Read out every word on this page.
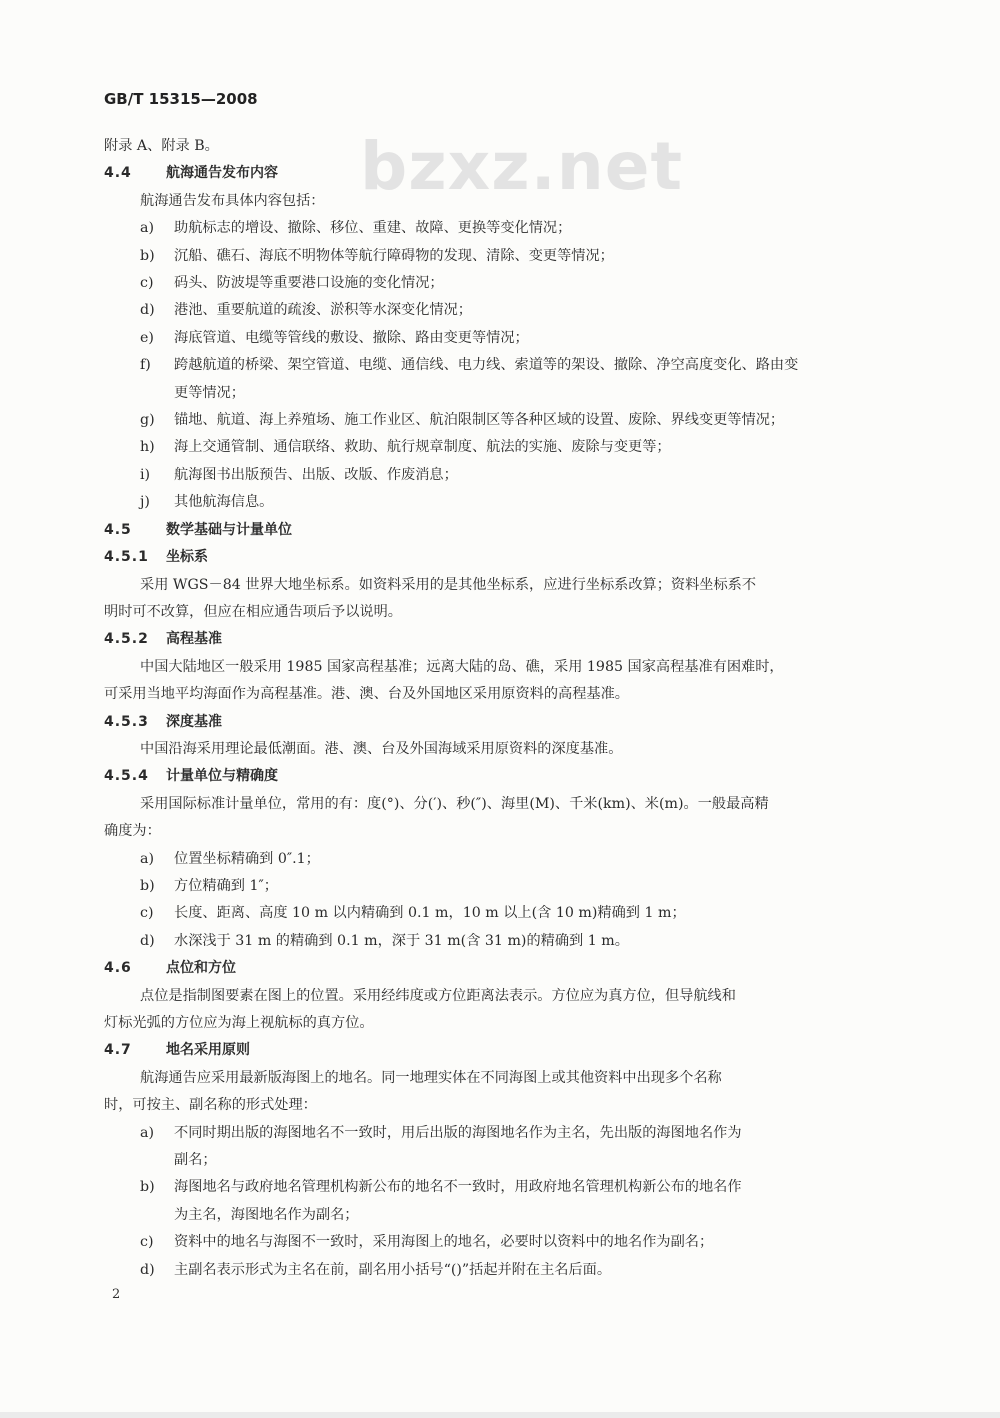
GB/T 15315—2008
bzxz.net
附录 A、附录 B。
4.4 航海通告发布内容
航海通告发布具体内容包括：
a)	助航标志的增设、撤除、移位、重建、故障、更换等变化情况；
b)	沉船、礁石、海底不明物体等航行障碍物的发现、清除、变更等情况；
c)	码头、防波堤等重要港口设施的变化情况；
d)	港池、重要航道的疏浚、淤积等水深变化情况；
e)	海底管道、电缆等管线的敷设、撤除、路由变更等情况；
f)	跨越航道的桥梁、架空管道、电缆、通信线、电力线、索道等的架设、撤除、净空高度变化、路由变
更等情况；
g)	锚地、航道、海上养殖场、施工作业区、航泊限制区等各种区域的设置、废除、界线变更等情况；
h)	海上交通管制、通信联络、救助、航行规章制度、航法的实施、废除与变更等；
i)	航海图书出版预告、出版、改版、作废消息；
j)	其他航海信息。
4.5 数学基础与计量单位
4.5.1 坐标系
采用 WGS－84 世界大地坐标系。如资料采用的是其他坐标系，应进行坐标系改算；资料坐标系不
明时可不改算，但应在相应通告项后予以说明。
4.5.2 高程基准
中国大陆地区一般采用 1985 国家高程基准；远离大陆的岛、礁，采用 1985 国家高程基准有困难时，
可采用当地平均海面作为高程基准。港、澳、台及外国地区采用原资料的高程基准。
4.5.3 深度基准
中国沿海采用理论最低潮面。港、澳、台及外国海域采用原资料的深度基准。
4.5.4 计量单位与精确度
采用国际标准计量单位，常用的有：度(°)、分(′)、秒(″)、海里(M)、千米(km)、米(m)。一般最高精
确度为：
a)	位置坐标精确到 0″.1；
b)	方位精确到 1″；
c)	长度、距离、高度 10 m 以内精确到 0.1 m，10 m 以上(含 10 m)精确到 1 m；
d)	水深浅于 31 m 的精确到 0.1 m，深于 31 m(含 31 m)的精确到 1 m。
4.6 点位和方位
点位是指制图要素在图上的位置。采用经纬度或方位距离法表示。方位应为真方位，但导航线和
灯标光弧的方位应为海上视航标的真方位。
4.7 地名采用原则
航海通告应采用最新版海图上的地名。同一地理实体在不同海图上或其他资料中出现多个名称
时，可按主、副名称的形式处理：
a)	不同时期出版的海图地名不一致时，用后出版的海图地名作为主名，先出版的海图地名作为
副名；
b)	海图地名与政府地名管理机构新公布的地名不一致时，用政府地名管理机构新公布的地名作
为主名，海图地名作为副名；
c)	资料中的地名与海图不一致时，采用海图上的地名，必要时以资料中的地名作为副名；
d)	主副名表示形式为主名在前，副名用小括号“()”括起并附在主名后面。
2
